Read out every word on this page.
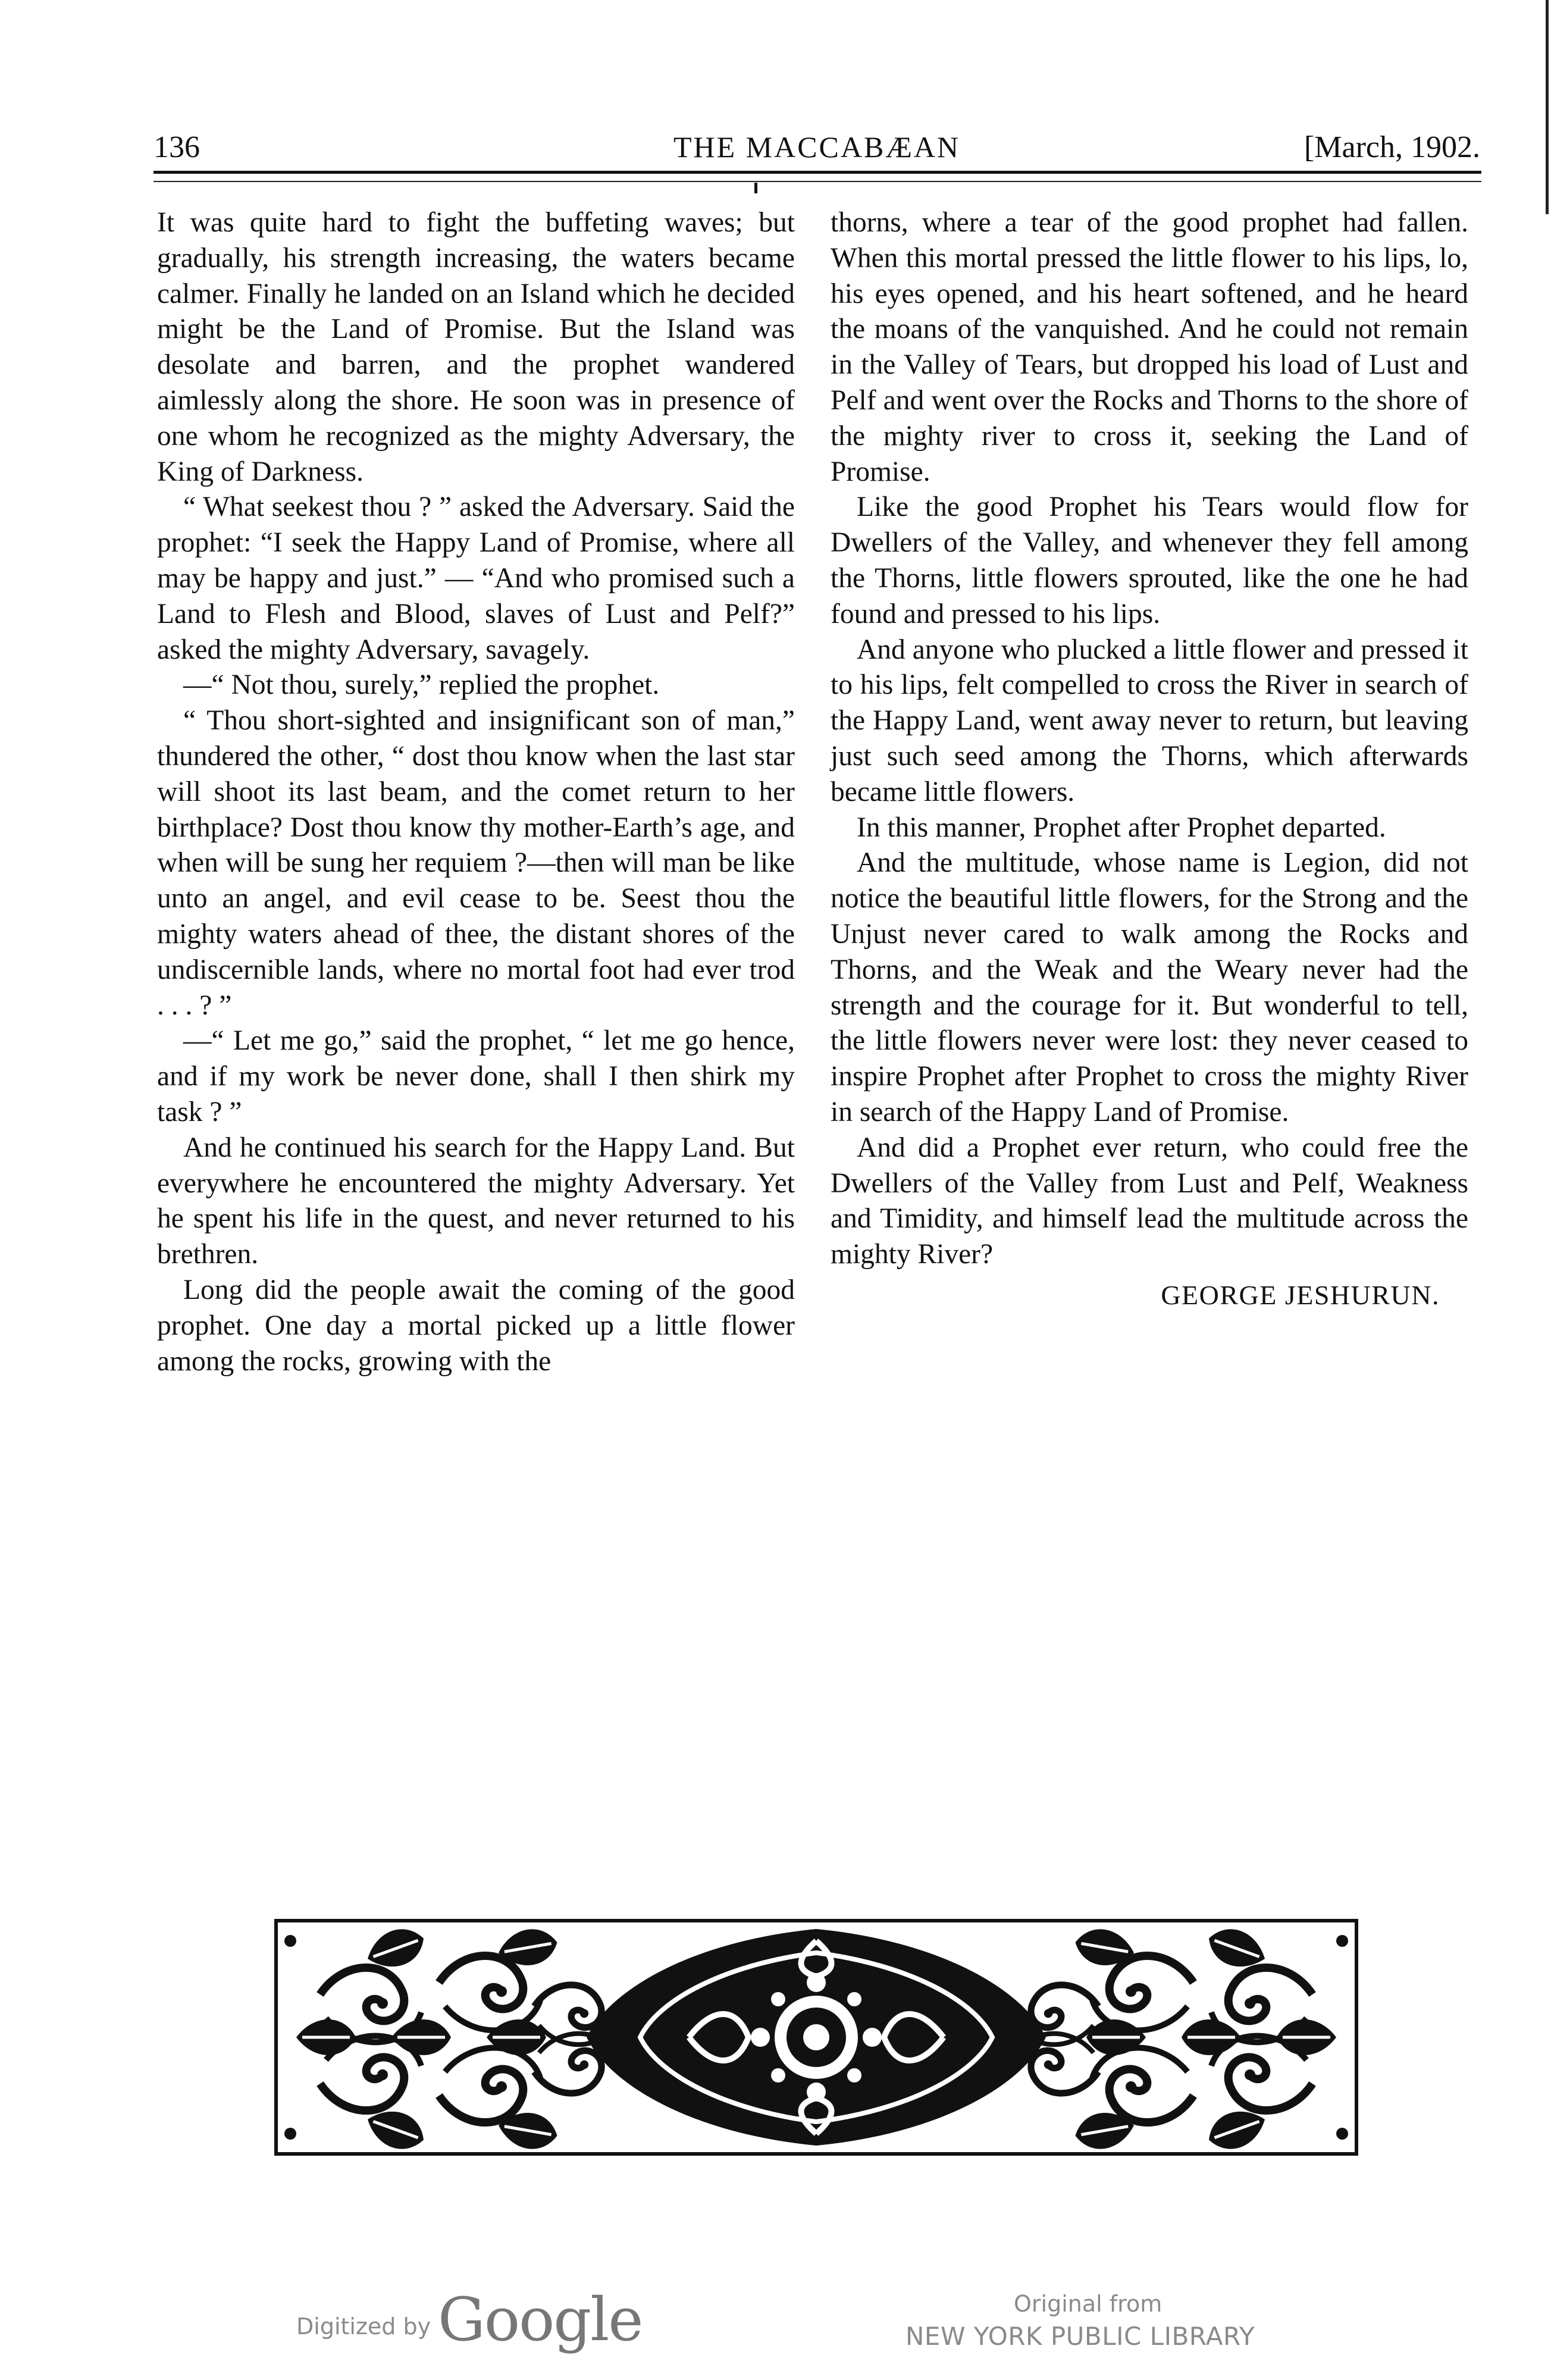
136	THE MACCABÆAN	[March, 1902.

It was quite hard to fight the buffeting waves; but gradually, his strength increasing, the waters became calmer. Finally he landed on an Island which he decided might be the Land of Promise. But the Island was desolate and barren, and the prophet wandered aimlessly along the shore. He soon was in presence of one whom he recognized as the mighty Adversary, the King of Darkness.

“ What seekest thou ? ” asked the Adversary. Said the prophet: “I seek the Happy Land of Promise, where all may be happy and just.” — “And who promised such a Land to Flesh and Blood, slaves of Lust and Pelf?” asked the mighty Adversary, savagely.

—“ Not thou, surely,” replied the prophet.

“ Thou short-sighted and insignificant son of man,” thundered the other, “ dost thou know when the last star will shoot its last beam, and the comet return to her birthplace? Dost thou know thy mother-Earth’s age, and when will be sung her requiem ?—then will man be like unto an angel, and evil cease to be. Seest thou the mighty waters ahead of thee, the distant shores of the undiscernible lands, where no mortal foot had ever trod . . . ? ”

—“ Let me go,” said the prophet, “ let me go hence, and if my work be never done, shall I then shirk my task ? ”

And he continued his search for the Happy Land. But everywhere he encountered the mighty Adversary. Yet he spent his life in the quest, and never returned to his brethren.

Long did the people await the coming of the good prophet. One day a mortal picked up a little flower among the rocks, growing with the

thorns, where a tear of the good prophet had fallen. When this mortal pressed the little flower to his lips, lo, his eyes opened, and his heart softened, and he heard the moans of the vanquished. And he could not remain in the Valley of Tears, but dropped his load of Lust and Pelf and went over the Rocks and Thorns to the shore of the mighty river to cross it, seeking the Land of Promise.

Like the good Prophet his Tears would flow for Dwellers of the Valley, and whenever they fell among the Thorns, little flowers sprouted, like the one he had found and pressed to his lips.

And anyone who plucked a little flower and pressed it to his lips, felt compelled to cross the River in search of the Happy Land, went away never to return, but leaving just such seed among the Thorns, which afterwards became little flowers.

In this manner, Prophet after Prophet departed.

And the multitude, whose name is Legion, did not notice the beautiful little flowers, for the Strong and the Unjust never cared to walk among the Rocks and Thorns, and the Weak and the Weary never had the strength and the courage for it. But wonderful to tell, the little flowers never were lost: they never ceased to inspire Prophet after Prophet to cross the mighty River in search of the Happy Land of Promise.

And did a Prophet ever return, who could free the Dwellers of the Valley from Lust and Pelf, Weakness and Timidity, and himself lead the multitude across the mighty River?

GEORGE JESHURUN.
Digitized by Google	Original from
NEW YORK PUBLIC LIBRARY
